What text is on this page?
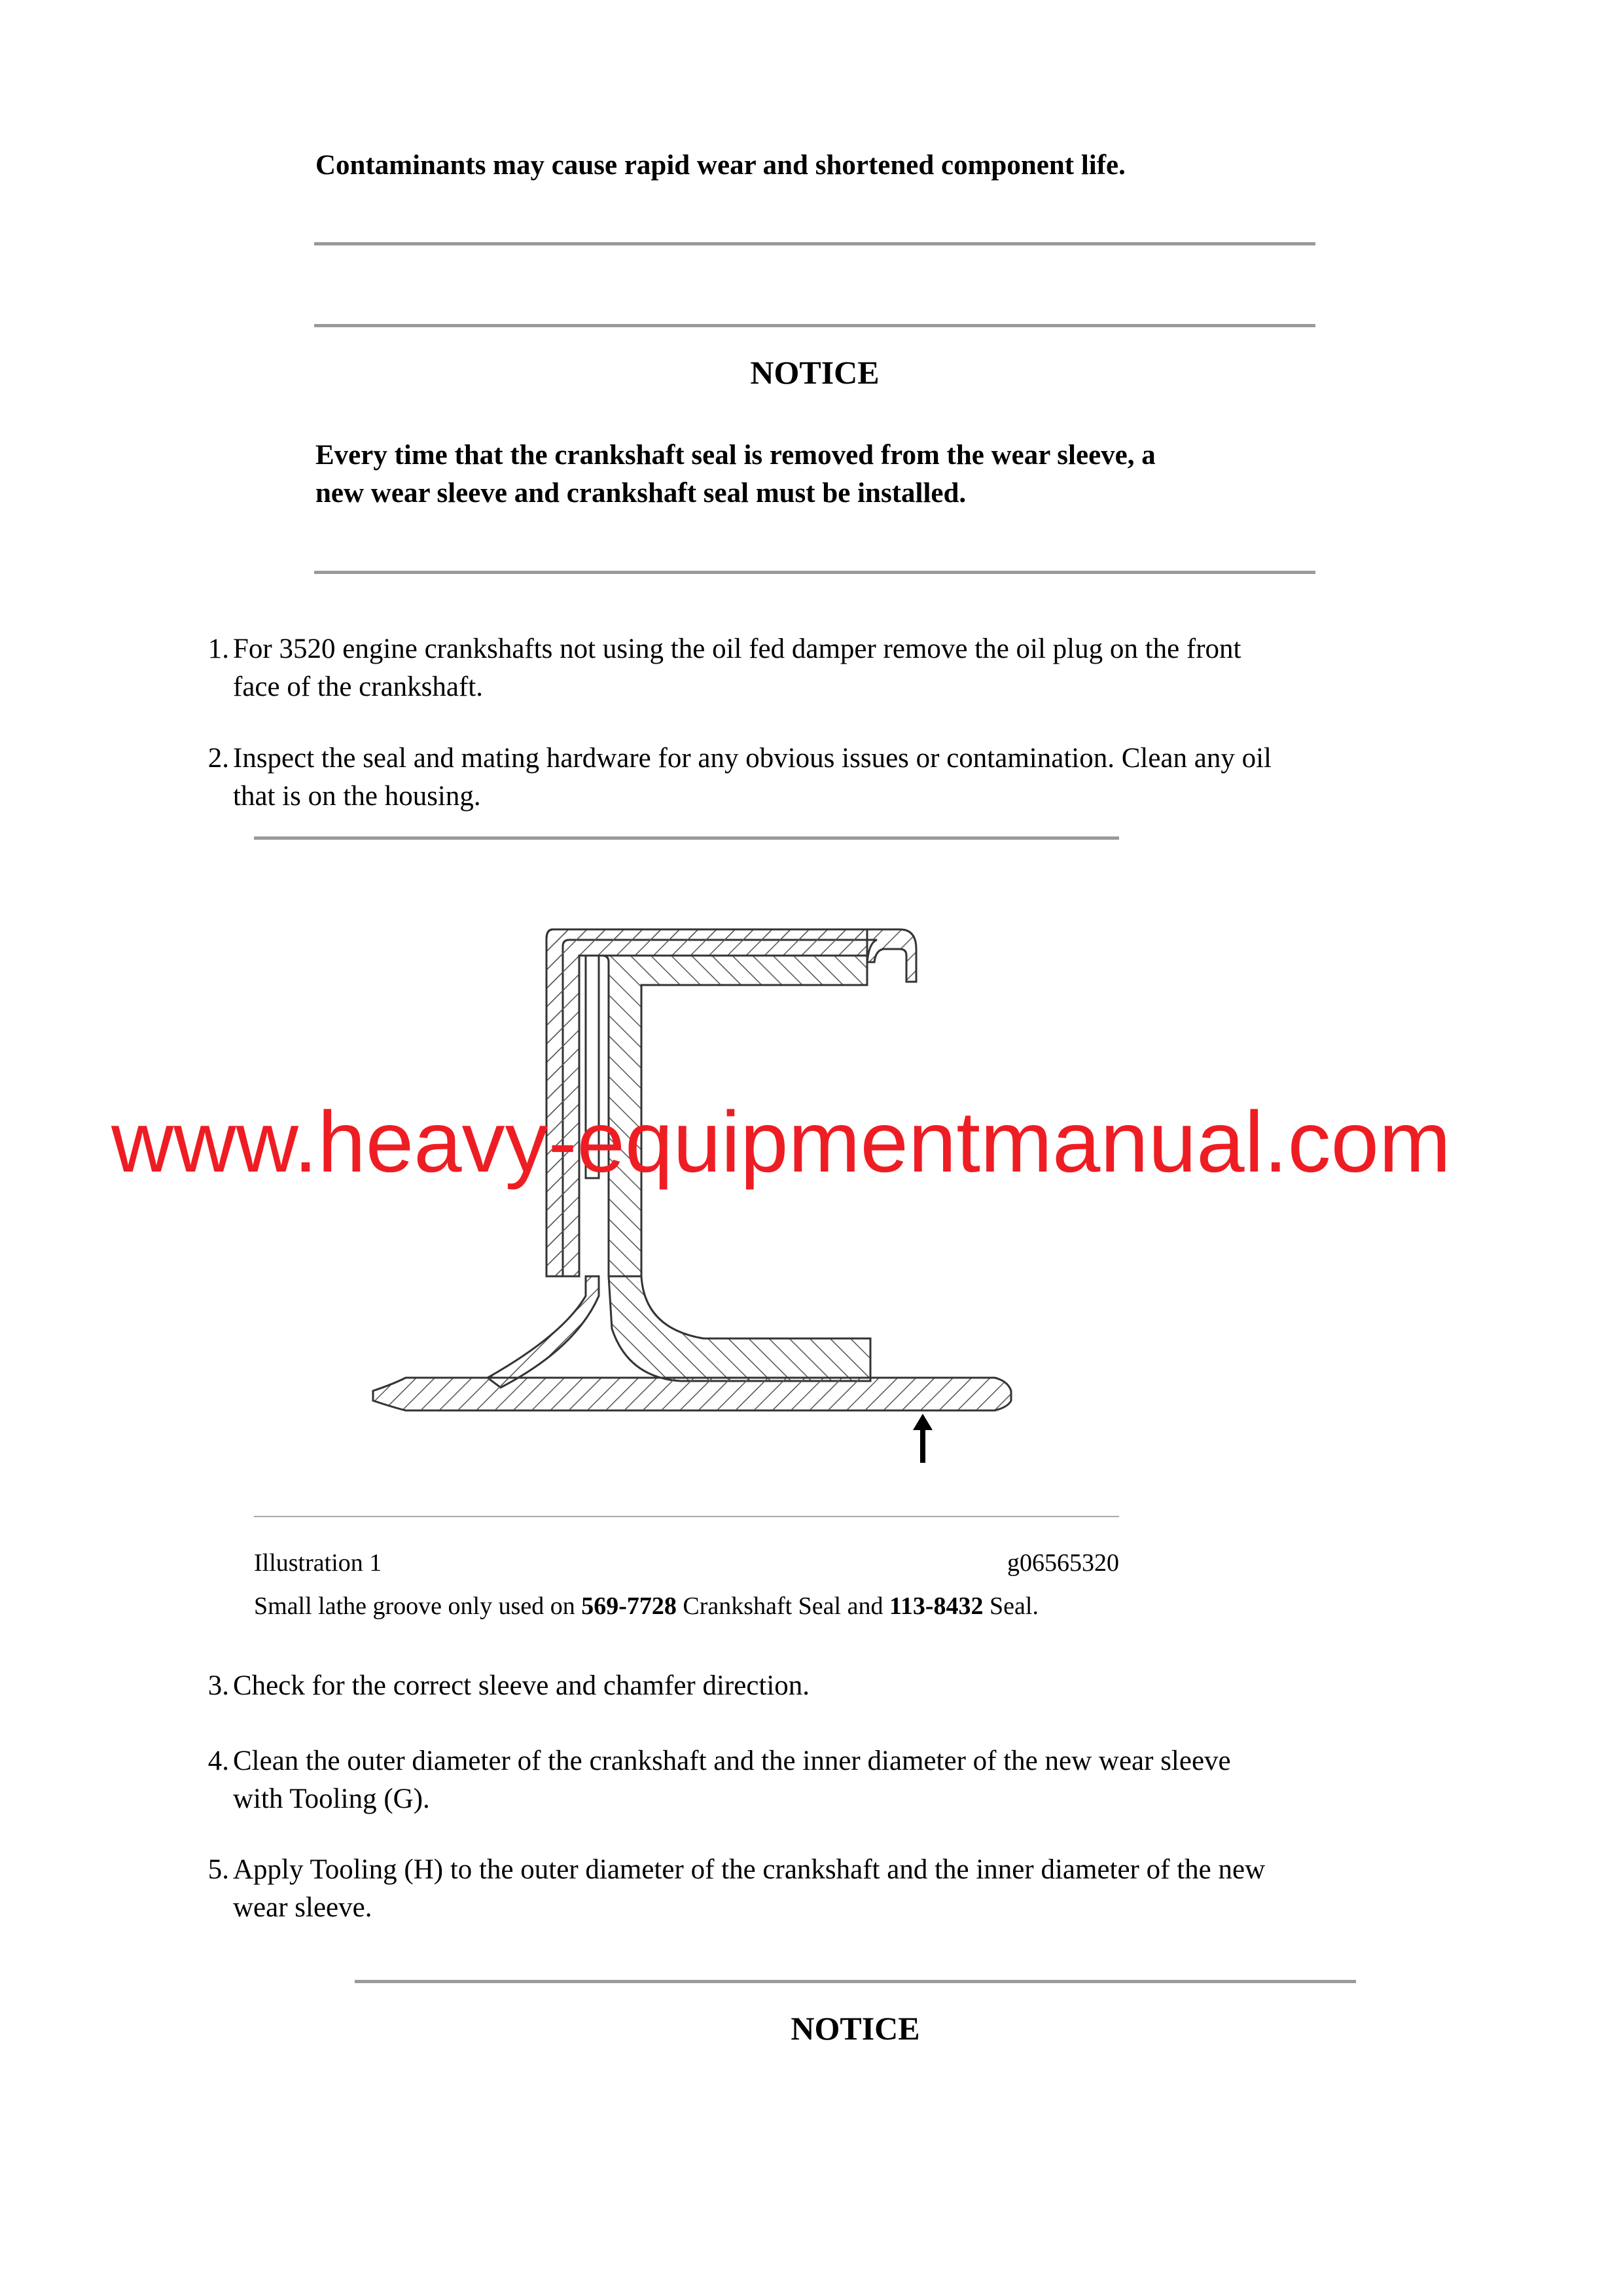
Contaminants may cause rapid wear and shortened component life.
NOTICE
Every time that the crankshaft seal is removed from the wear sleeve, a
new wear sleeve and crankshaft seal must be installed.
1. For 3520 engine crankshafts not using the oil fed damper remove the oil plug on the front
face of the crankshaft.
2. Inspect the seal and mating hardware for any obvious issues or contamination. Clean any oil
that is on the housing.
Illustration 1	g06565320
Small lathe groove only used on 569-7728 Crankshaft Seal and 113-8432 Seal.
3. Check for the correct sleeve and chamfer direction.
4. Clean the outer diameter of the crankshaft and the inner diameter of the new wear sleeve
with Tooling (G).
5. Apply Tooling (H) to the outer diameter of the crankshaft and the inner diameter of the new
wear sleeve.
NOTICE
www.heavy-equipmentmanual.com
